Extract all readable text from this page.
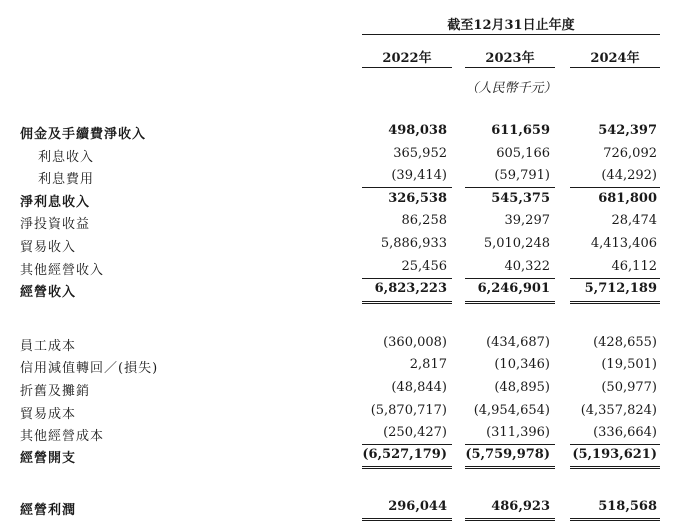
截至12月31日止年度
2022年	2023年	2024年
（人民幣千元）
佣金及手續費淨收入	498,038	611,659	542,397
利息收入	365,952	605,166	726,092
利息費用	(39,414)	(59,791)	(44,292)
淨利息收入	326,538	545,375	681,800
淨投資收益	86,258	39,297	28,474
貿易收入	5,886,933	5,010,248	4,413,406
其他經營收入	25,456	40,322	46,112
經營收入	6,823,223	6,246,901	5,712,189
員工成本	(360,008)	(434,687)	(428,655)
信用減值轉回／(損失)	2,817	(10,346)	(19,501)
折舊及攤銷	(48,844)	(48,895)	(50,977)
貿易成本	(5,870,717)	(4,954,654)	(4,357,824)
其他經營成本	(250,427)	(311,396)	(336,664)
經營開支	(6,527,179)	(5,759,978)	(5,193,621)
經營利潤	296,044	486,923	518,568
